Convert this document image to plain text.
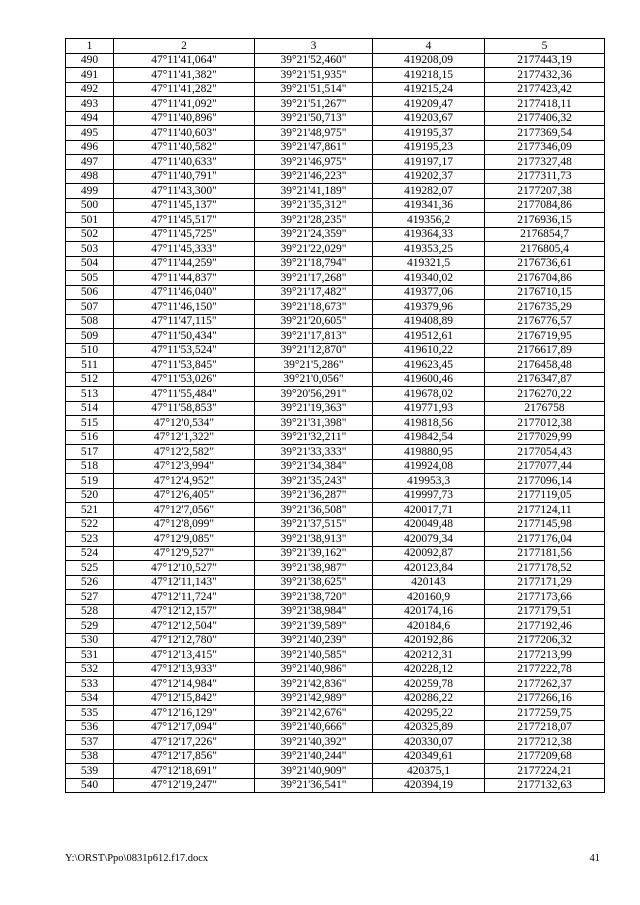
1	2	3	4	5
490	47°11'41,064"	39°21'52,460"	419208,09	2177443,19
491	47°11'41,382"	39°21'51,935"	419218,15	2177432,36
492	47°11'41,282"	39°21'51,514"	419215,24	2177423,42
493	47°11'41,092"	39°21'51,267"	419209,47	2177418,11
494	47°11'40,896"	39°21'50,713"	419203,67	2177406,32
495	47°11'40,603"	39°21'48,975"	419195,37	2177369,54
496	47°11'40,582"	39°21'47,861"	419195,23	2177346,09
497	47°11'40,633"	39°21'46,975"	419197,17	2177327,48
498	47°11'40,791"	39°21'46,223"	419202,37	2177311,73
499	47°11'43,300"	39°21'41,189"	419282,07	2177207,38
500	47°11'45,137"	39°21'35,312"	419341,36	2177084,86
501	47°11'45,517"	39°21'28,235"	419356,2	2176936,15
502	47°11'45,725"	39°21'24,359"	419364,33	2176854,7
503	47°11'45,333"	39°21'22,029"	419353,25	2176805,4
504	47°11'44,259"	39°21'18,794"	419321,5	2176736,61
505	47°11'44,837"	39°21'17,268"	419340,02	2176704,86
506	47°11'46,040"	39°21'17,482"	419377,06	2176710,15
507	47°11'46,150"	39°21'18,673"	419379,96	2176735,29
508	47°11'47,115"	39°21'20,605"	419408,89	2176776,57
509	47°11'50,434"	39°21'17,813"	419512,61	2176719,95
510	47°11'53,524"	39°21'12,870"	419610,22	2176617,89
511	47°11'53,845"	39°21'5,286"	419623,45	2176458,48
512	47°11'53,026"	39°21'0,056"	419600,46	2176347,87
513	47°11'55,484"	39°20'56,291"	419678,02	2176270,22
514	47°11'58,853"	39°21'19,363"	419771,93	2176758
515	47°12'0,534"	39°21'31,398"	419818,56	2177012,38
516	47°12'1,322"	39°21'32,211"	419842,54	2177029,99
517	47°12'2,582"	39°21'33,333"	419880,95	2177054,43
518	47°12'3,994"	39°21'34,384"	419924,08	2177077,44
519	47°12'4,952"	39°21'35,243"	419953,3	2177096,14
520	47°12'6,405"	39°21'36,287"	419997,73	2177119,05
521	47°12'7,056"	39°21'36,508"	420017,71	2177124,11
522	47°12'8,099"	39°21'37,515"	420049,48	2177145,98
523	47°12'9,085"	39°21'38,913"	420079,34	2177176,04
524	47°12'9,527"	39°21'39,162"	420092,87	2177181,56
525	47°12'10,527"	39°21'38,987"	420123,84	2177178,52
526	47°12'11,143"	39°21'38,625"	420143	2177171,29
527	47°12'11,724"	39°21'38,720"	420160,9	2177173,66
528	47°12'12,157"	39°21'38,984"	420174,16	2177179,51
529	47°12'12,504"	39°21'39,589"	420184,6	2177192,46
530	47°12'12,780"	39°21'40,239"	420192,86	2177206,32
531	47°12'13,415"	39°21'40,585"	420212,31	2177213,99
532	47°12'13,933"	39°21'40,986"	420228,12	2177222,78
533	47°12'14,984"	39°21'42,836"	420259,78	2177262,37
534	47°12'15,842"	39°21'42,989"	420286,22	2177266,16
535	47°12'16,129"	39°21'42,676"	420295,22	2177259,75
536	47°12'17,094"	39°21'40,666"	420325,89	2177218,07
537	47°12'17,226"	39°21'40,392"	420330,07	2177212,38
538	47°12'17,856"	39°21'40,244"	420349,61	2177209,68
539	47°12'18,691"	39°21'40,909"	420375,1	2177224,21
540	47°12'19,247"	39°21'36,541"	420394,19	2177132,63
Y:\ORST\Ppo\0831p612.f17.docx	41
